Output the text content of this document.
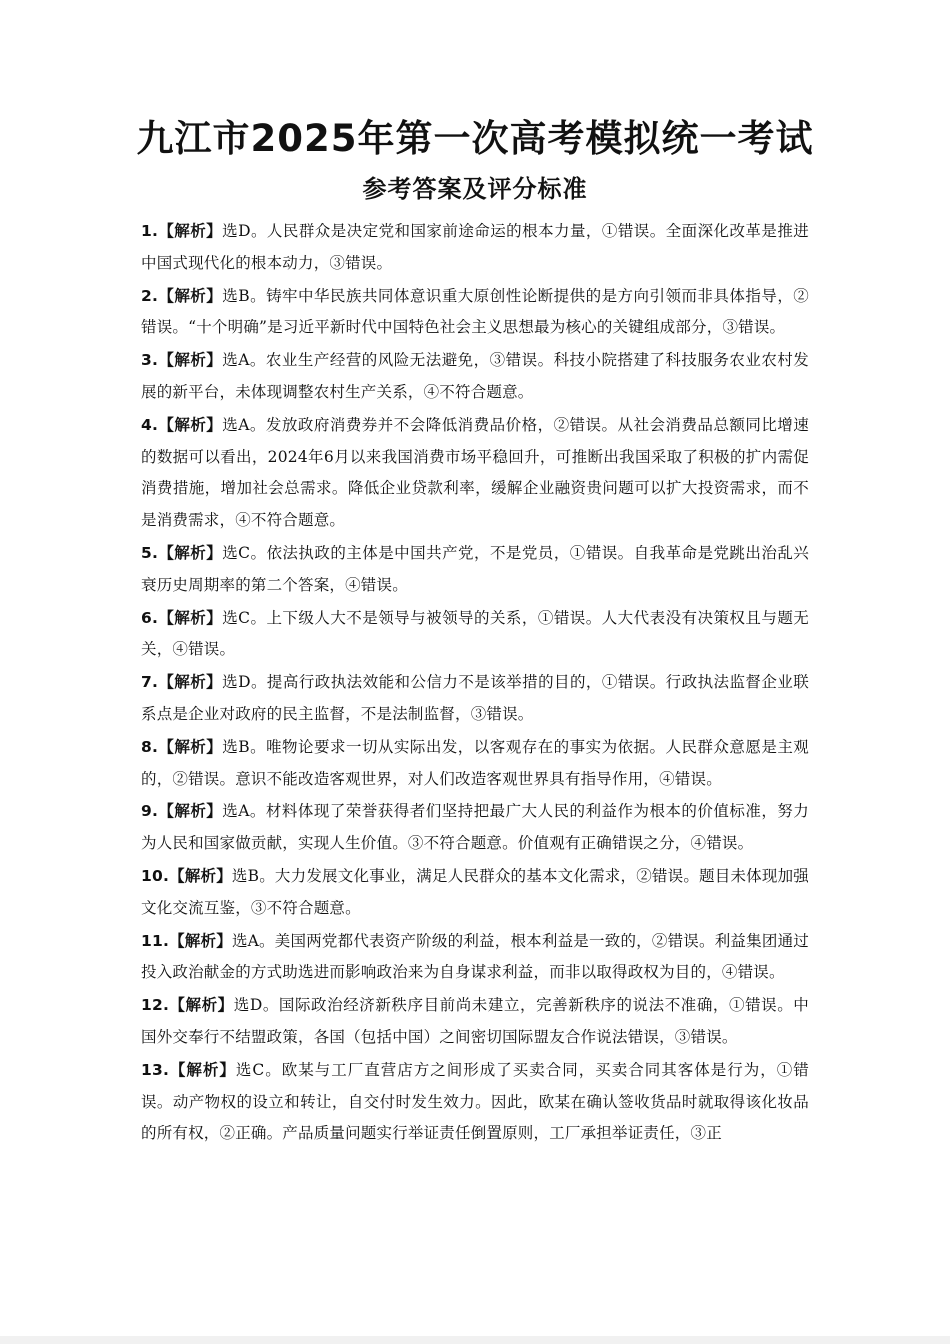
九江市2025年第一次高考模拟统一考试
参考答案及评分标准
1.【解析】选D。人民群众是决定党和国家前途命运的根本力量，①错误。全面深化改革是推进中国式现代化的根本动力，③错误。
2.【解析】选B。铸牢中华民族共同体意识重大原创性论断提供的是方向引领而非具体指导，②错误。“十个明确”是习近平新时代中国特色社会主义思想最为核心的关键组成部分，③错误。
3.【解析】选A。农业生产经营的风险无法避免，③错误。科技小院搭建了科技服务农业农村发展的新平台，未体现调整农村生产关系，④不符合题意。
4.【解析】选A。发放政府消费券并不会降低消费品价格，②错误。从社会消费品总额同比增速的数据可以看出，2024年6月以来我国消费市场平稳回升，可推断出我国采取了积极的扩内需促消费措施，增加社会总需求。降低企业贷款利率，缓解企业融资贵问题可以扩大投资需求，而不是消费需求，④不符合题意。
5.【解析】选C。依法执政的主体是中国共产党，不是党员，①错误。自我革命是党跳出治乱兴衰历史周期率的第二个答案，④错误。
6.【解析】选C。上下级人大不是领导与被领导的关系，①错误。人大代表没有决策权且与题无关，④错误。
7.【解析】选D。提高行政执法效能和公信力不是该举措的目的，①错误。行政执法监督企业联系点是企业对政府的民主监督，不是法制监督，③错误。
8.【解析】选B。唯物论要求一切从实际出发，以客观存在的事实为依据。人民群众意愿是主观的，②错误。意识不能改造客观世界，对人们改造客观世界具有指导作用，④错误。
9.【解析】选A。材料体现了荣誉获得者们坚持把最广大人民的利益作为根本的价值标准，努力为人民和国家做贡献，实现人生价值。③不符合题意。价值观有正确错误之分，④错误。
10.【解析】选B。大力发展文化事业，满足人民群众的基本文化需求，②错误。题目未体现加强文化交流互鉴，③不符合题意。
11.【解析】选A。美国两党都代表资产阶级的利益，根本利益是一致的，②错误。利益集团通过投入政治献金的方式助选进而影响政治来为自身谋求利益，而非以取得政权为目的，④错误。
12.【解析】选D。国际政治经济新秩序目前尚未建立，完善新秩序的说法不准确，①错误。中国外交奉行不结盟政策，各国（包括中国）之间密切国际盟友合作说法错误，③错误。
13.【解析】选C。欧某与工厂直营店方之间形成了买卖合同，买卖合同其客体是行为，①错误。动产物权的设立和转让，自交付时发生效力。因此，欧某在确认签收货品时就取得该化妆品的所有权，②正确。产品质量问题实行举证责任倒置原则，工厂承担举证责任，③正
